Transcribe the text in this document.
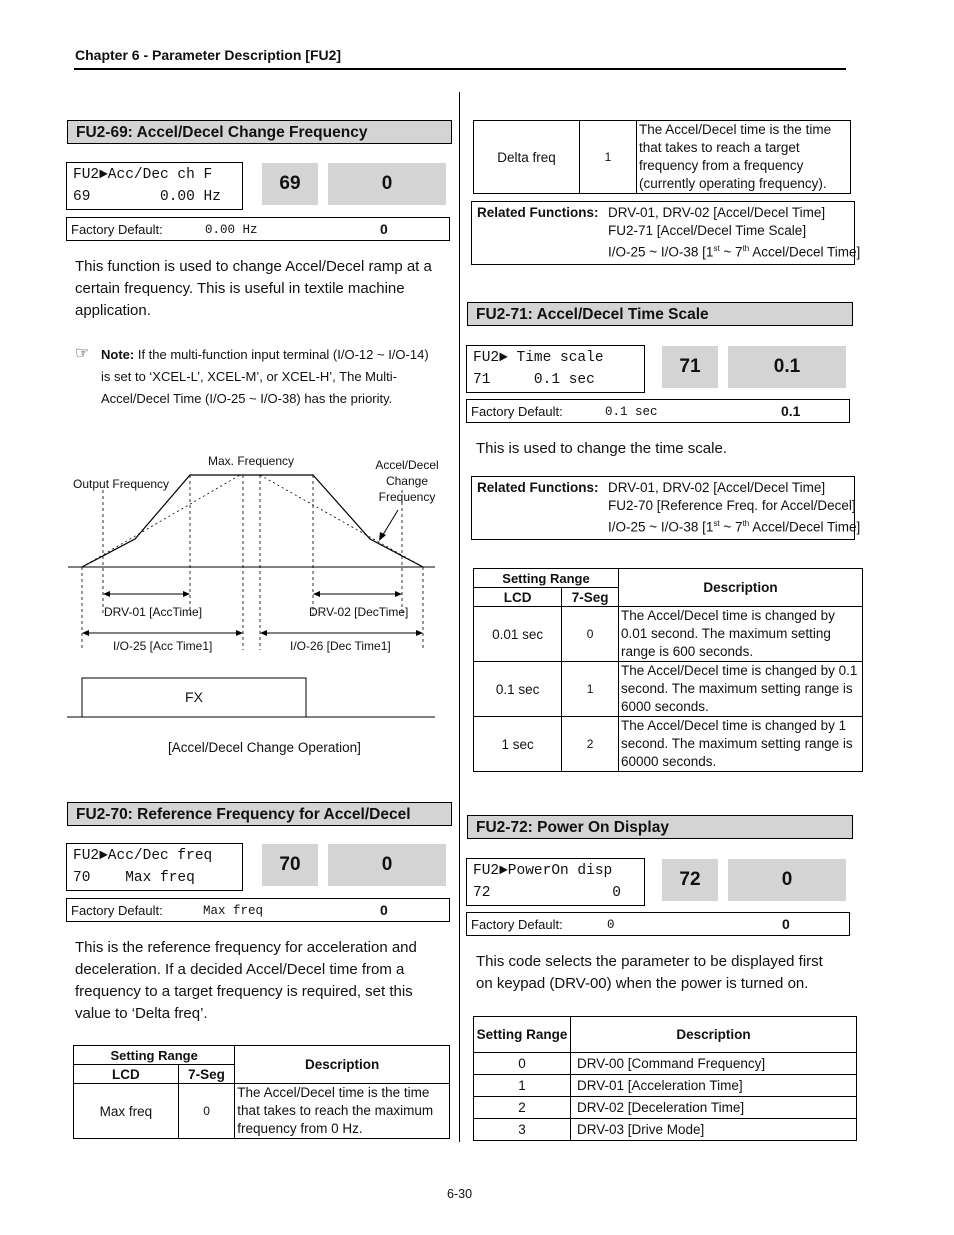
Chapter 6 - Parameter Description [FU2]
FU2-69: Accel/Decel Change Frequency
FU2►Acc/Dec ch F
69        0.00 Hz
69	0
Factory Default:	0.00 Hz	0
This function is used to change Accel/Decel ramp at a certain frequency. This is useful in textile machine application.
☞ Note: If the multi-function input terminal (I/O-12 ~ I/O-14) is set to ‘XCEL-L’, XCEL-M’, or XCEL-H’, The Multi-Accel/Decel Time (I/O-25 ~ I/O-38) has the priority.
Max. Frequency
Output Frequency
Accel/Decel
Change
Frequency
DRV-01 [AccTime]	DRV-02 [DecTime]
I/O-25 [Acc Time1]	I/O-26 [Dec Time1]
FX
[Accel/Decel Change Operation]
FU2-70: Reference Frequency for Accel/Decel
FU2►Acc/Dec freq
70    Max freq
70	0
Factory Default:	Max freq	0
This is the reference frequency for acceleration and deceleration. If a decided Accel/Decel time from a frequency to a target frequency is required, set this value to ‘Delta freq’.
Setting Range		Description
LCD	7-Seg	
Max freq	0	The Accel/Decel time is the time that takes to reach the maximum frequency from 0 Hz.
Delta freq	1	The Accel/Decel time is the time that takes to reach a target frequency from a frequency (currently operating frequency).
Related Functions: DRV-01, DRV-02 [Accel/Decel Time]
FU2-71 [Accel/Decel Time Scale]
I/O-25 ~ I/O-38 [1st ~ 7th Accel/Decel Time]
FU2-71: Accel/Decel Time Scale
FU2► Time scale
71     0.1 sec
71	0.1
Factory Default:	0.1 sec	0.1
This is used to change the time scale.
Related Functions: DRV-01, DRV-02 [Accel/Decel Time]
FU2-70 [Reference Freq. for Accel/Decel]
I/O-25 ~ I/O-38 [1st ~ 7th Accel/Decel Time]
Setting Range		Description
LCD	7-Seg	
0.01 sec	0	The Accel/Decel time is changed by 0.01 second. The maximum setting range is 600 seconds.
0.1 sec	1	The Accel/Decel time is changed by 0.1 second. The maximum setting range is 6000 seconds.
1 sec	2	The Accel/Decel time is changed by 1 second. The maximum setting range is 60000 seconds.
FU2-72: Power On Display
FU2►PowerOn disp
72              0
72	0
Factory Default:	0	0
This code selects the parameter to be displayed first on keypad (DRV-00) when the power is turned on.
Setting Range	Description
0	DRV-00 [Command Frequency]
1	DRV-01 [Acceleration Time]
2	DRV-02 [Deceleration Time]
3	DRV-03 [Drive Mode]
6-30
